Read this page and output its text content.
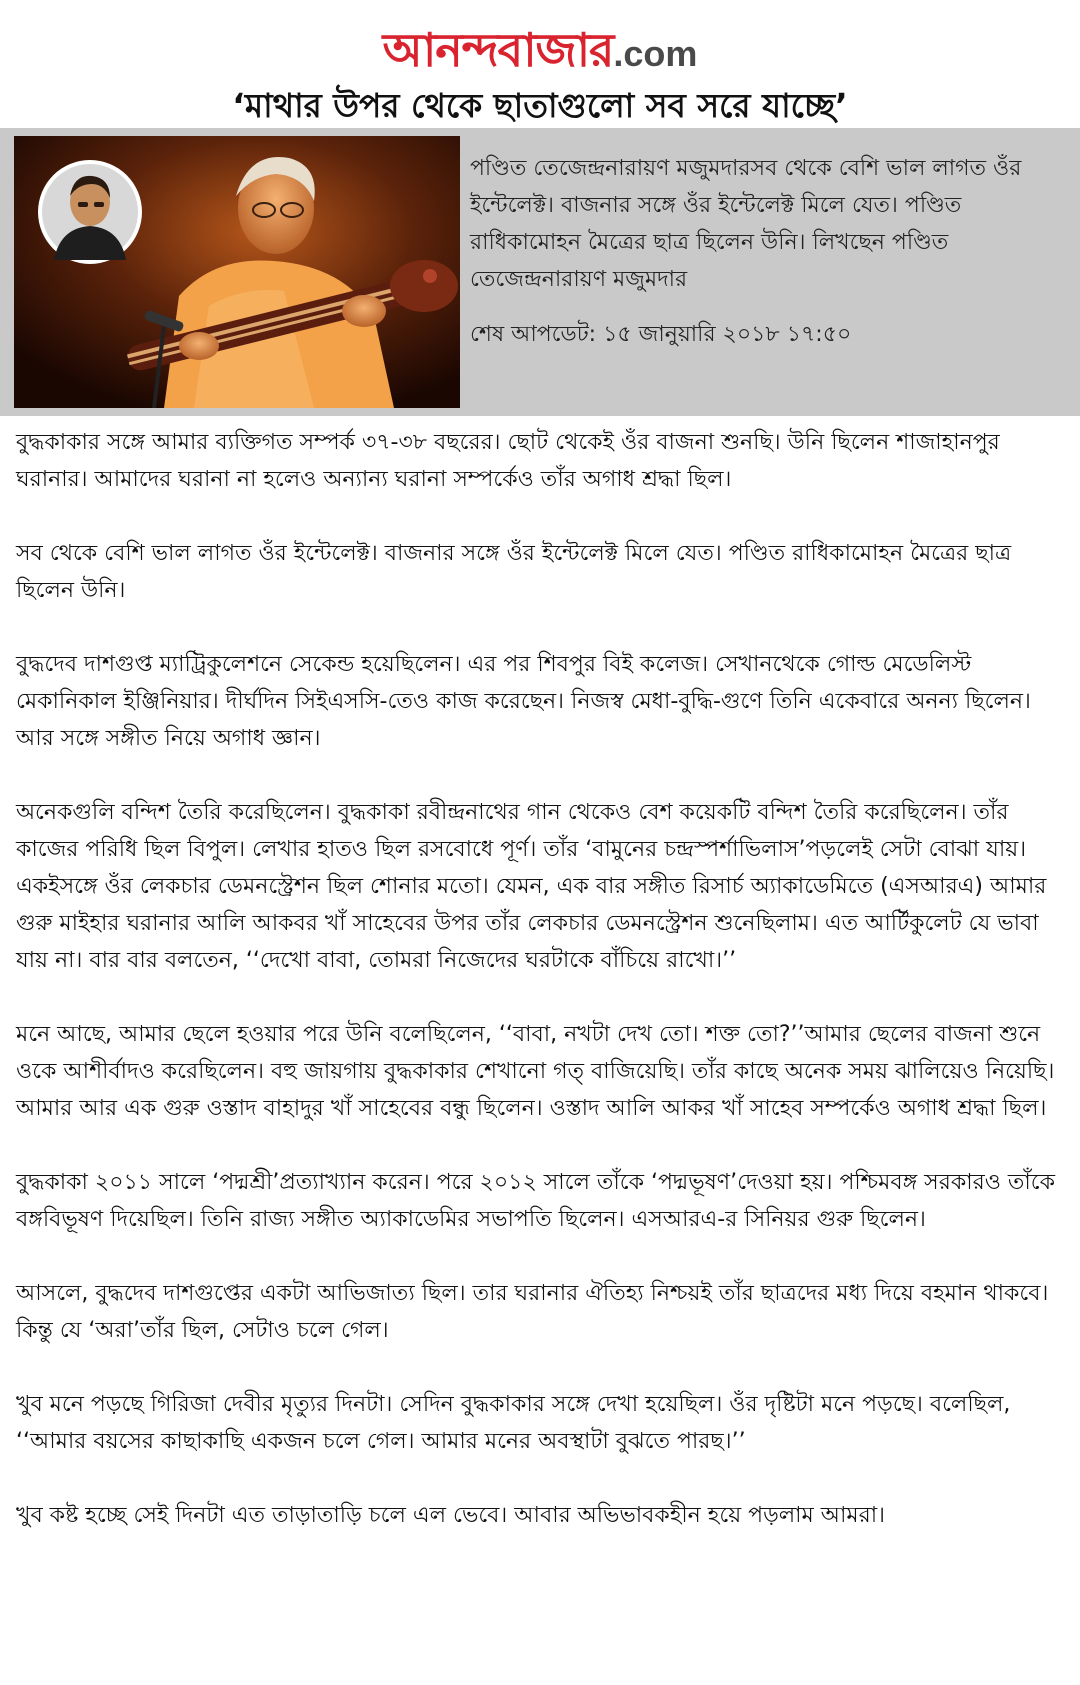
আনন্দবাজার.com
‘মাথার উপর থেকে ছাতাগুলো সব সরে যাচ্ছে’

পণ্ডিত তেজেন্দ্রনারায়ণ মজুমদারসব থেকে বেশি ভাল লাগত ওঁর ইন্টেলেক্ট। বাজনার সঙ্গে ওঁর ইন্টেলেক্ট মিলে যেত। পণ্ডিত রাধিকামোহন মৈত্রের ছাত্র ছিলেন উনি। লিখছেন পণ্ডিত তেজেন্দ্রনারায়ণ মজুমদার

শেষ আপডেট: ১৫ জানুয়ারি ২০১৮ ১৭:৫০

বুদ্ধকাকার সঙ্গে আমার ব্যক্তিগত সম্পর্ক ৩৭-৩৮ বছরের। ছোট থেকেই ওঁর বাজনা শুনছি। উনি ছিলেন শাজাহানপুর ঘরানার। আমাদের ঘরানা না হলেও অন্যান্য ঘরানা সম্পর্কেও তাঁর অগাধ শ্রদ্ধা ছিল।

সব থেকে বেশি ভাল লাগত ওঁর ইন্টেলেক্ট। বাজনার সঙ্গে ওঁর ইন্টেলেক্ট মিলে যেত। পণ্ডিত রাধিকামোহন মৈত্রের ছাত্র ছিলেন উনি।

বুদ্ধদেব দাশগুপ্ত ম্যাট্রিকুলেশনে সেকেন্ড হয়েছিলেন। এর পর শিবপুর বিই কলেজ। সেখানথেকে গোল্ড মেডেলিস্ট মেকানিকাল ইঞ্জিনিয়ার। দীর্ঘদিন সিইএসসি-তেও কাজ করেছেন। নিজস্ব মেধা-বুদ্ধি-গুণে তিনি একেবারে অনন্য ছিলেন। আর সঙ্গে সঙ্গীত নিয়ে অগাধ জ্ঞান।

অনেকগুলি বন্দিশ তৈরি করেছিলেন। বুদ্ধকাকা রবীন্দ্রনাথের গান থেকেও বেশ কয়েকটি বন্দিশ তৈরি করেছিলেন। তাঁর কাজের পরিধি ছিল বিপুল। লেখার হাতও ছিল রসবোধে পূর্ণ। তাঁর ‘বামুনের চন্দ্রস্পর্শাভিলাস’পড়লেই সেটা বোঝা যায়। একইসঙ্গে ওঁর লেকচার ডেমনস্ট্রেশন ছিল শোনার মতো। যেমন, এক বার সঙ্গীত রিসার্চ অ্যাকাডেমিতে (এসআরএ) আমার গুরু মাইহার ঘরানার আলি আকবর খাঁ সাহেবের উপর তাঁর লেকচার ডেমনস্ট্রেশন শুনেছিলাম। এত আর্টিকুলেট যে ভাবা যায় না। বার বার বলতেন, ‘‘দেখো বাবা, তোমরা নিজেদের ঘরটাকে বাঁচিয়ে রাখো।’’

মনে আছে, আমার ছেলে হওয়ার পরে উনি বলেছিলেন, ‘‘বাবা, নখটা দেখ তো। শক্ত তো?’’আমার ছেলের বাজনা শুনে ওকে আশীর্বাদও করেছিলেন। বহু জায়গায় বুদ্ধকাকার শেখানো গত্ বাজিয়েছি। তাঁর কাছে অনেক সময় ঝালিয়েও নিয়েছি। আমার আর এক গুরু ওস্তাদ বাহাদুর খাঁ সাহেবের বন্ধু ছিলেন। ওস্তাদ আলি আকর খাঁ সাহেব সম্পর্কেও অগাধ শ্রদ্ধা ছিল।

বুদ্ধকাকা ২০১১ সালে ‘পদ্মশ্রী’প্রত্যাখ্যান করেন। পরে ২০১২ সালে তাঁকে ‘পদ্মভূষণ’দেওয়া হয়। পশ্চিমবঙ্গ সরকারও তাঁকে বঙ্গবিভূষণ দিয়েছিল। তিনি রাজ্য সঙ্গীত অ্যাকাডেমির সভাপতি ছিলেন। এসআরএ-র সিনিয়র গুরু ছিলেন।

আসলে, বুদ্ধদেব দাশগুপ্তের একটা আভিজাত্য ছিল। তার ঘরানার ঐতিহ্য নিশ্চয়ই তাঁর ছাত্রদের মধ্য দিয়ে বহমান থাকবে। কিন্তু যে ‘অরা’তাঁর ছিল, সেটাও চলে গেল।

খুব মনে পড়ছে গিরিজা দেবীর মৃত্যুর দিনটা। সেদিন বুদ্ধকাকার সঙ্গে দেখা হয়েছিল। ওঁর দৃষ্টিটা মনে পড়ছে। বলেছিল, ‘‘আমার বয়সের কাছাকাছি একজন চলে গেল। আমার মনের অবস্থাটা বুঝতে পারছ।’’

খুব কষ্ট হচ্ছে সেই দিনটা এত তাড়াতাড়ি চলে এল ভেবে। আবার অভিভাবকহীন হয়ে পড়লাম আমরা।
